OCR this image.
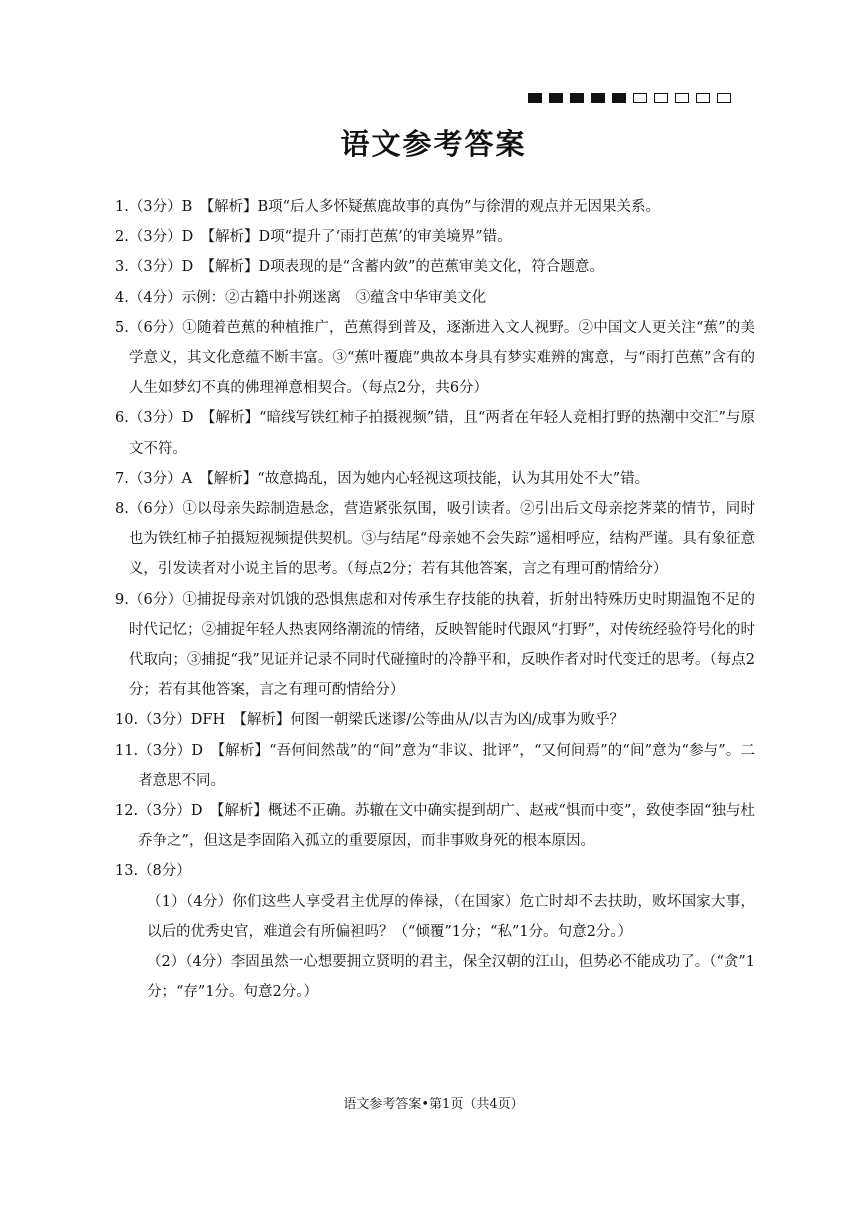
语文参考答案
1. （3分）B　【解析】B项“后人多怀疑蕉鹿故事的真伪”与徐渭的观点并无因果关系。
2. （3分）D　【解析】D项“提升了‘雨打芭蕉’的审美境界”错。
3. （3分）D　【解析】D项表现的是“含蓄内敛”的芭蕉审美文化，符合题意。
4. （4分）示例：②古籍中扑朔迷离　③蕴含中华审美文化
5. （6分）①随着芭蕉的种植推广，芭蕉得到普及，逐渐进入文人视野。②中国文人更关注“蕉”的美学意义，其文化意蕴不断丰富。③“蕉叶覆鹿”典故本身具有梦实难辨的寓意，与“雨打芭蕉”含有的人生如梦幻不真的佛理禅意相契合。（每点2分，共6分）
6. （3分）D　【解析】“暗线写铁红柿子拍摄视频”错，且“两者在年轻人竞相打野的热潮中交汇”与原文不符。
7. （3分）A　【解析】“故意捣乱，因为她内心轻视这项技能，认为其用处不大”错。
8. （6分）①以母亲失踪制造悬念，营造紧张氛围，吸引读者。②引出后文母亲挖荠菜的情节，同时也为铁红柿子拍摄短视频提供契机。③与结尾“母亲她不会失踪”遥相呼应，结构严谨。具有象征意义，引发读者对小说主旨的思考。（每点2分；若有其他答案，言之有理可酌情给分）
9. （6分）①捕捉母亲对饥饿的恐惧焦虑和对传承生存技能的执着，折射出特殊历史时期温饱不足的时代记忆；②捕捉年轻人热衷网络潮流的情绪，反映智能时代跟风“打野”，对传统经验符号化的时代取向；③捕捉“我”见证并记录不同时代碰撞时的冷静平和，反映作者对时代变迁的思考。（每点2分；若有其他答案，言之有理可酌情给分）
10. （3分）DFH　【解析】何图一朝梁氏迷谬/公等曲从/以吉为凶/成事为败乎？
11. （3分）D　【解析】“吾何间然哉”的“间”意为“非议、批评”，“又何间焉”的“间”意为“参与”。二者意思不同。
12. （3分）D　【解析】概述不正确。苏辙在文中确实提到胡广、赵戒“惧而中变”，致使李固“独与杜乔争之”，但这是李固陷入孤立的重要原因，而非事败身死的根本原因。
13. （8分）
（1）（4分）你们这些人享受君主优厚的俸禄，（在国家）危亡时却不去扶助，败坏国家大事，以后的优秀史官，难道会有所偏袒吗？（“倾覆”1分；“私”1分。句意2分。）
（2）（4分）李固虽然一心想要拥立贤明的君主，保全汉朝的江山，但势必不能成功了。（“贪”1分；“存”1分。句意2分。）
语文参考答案•第1页（共4页）
